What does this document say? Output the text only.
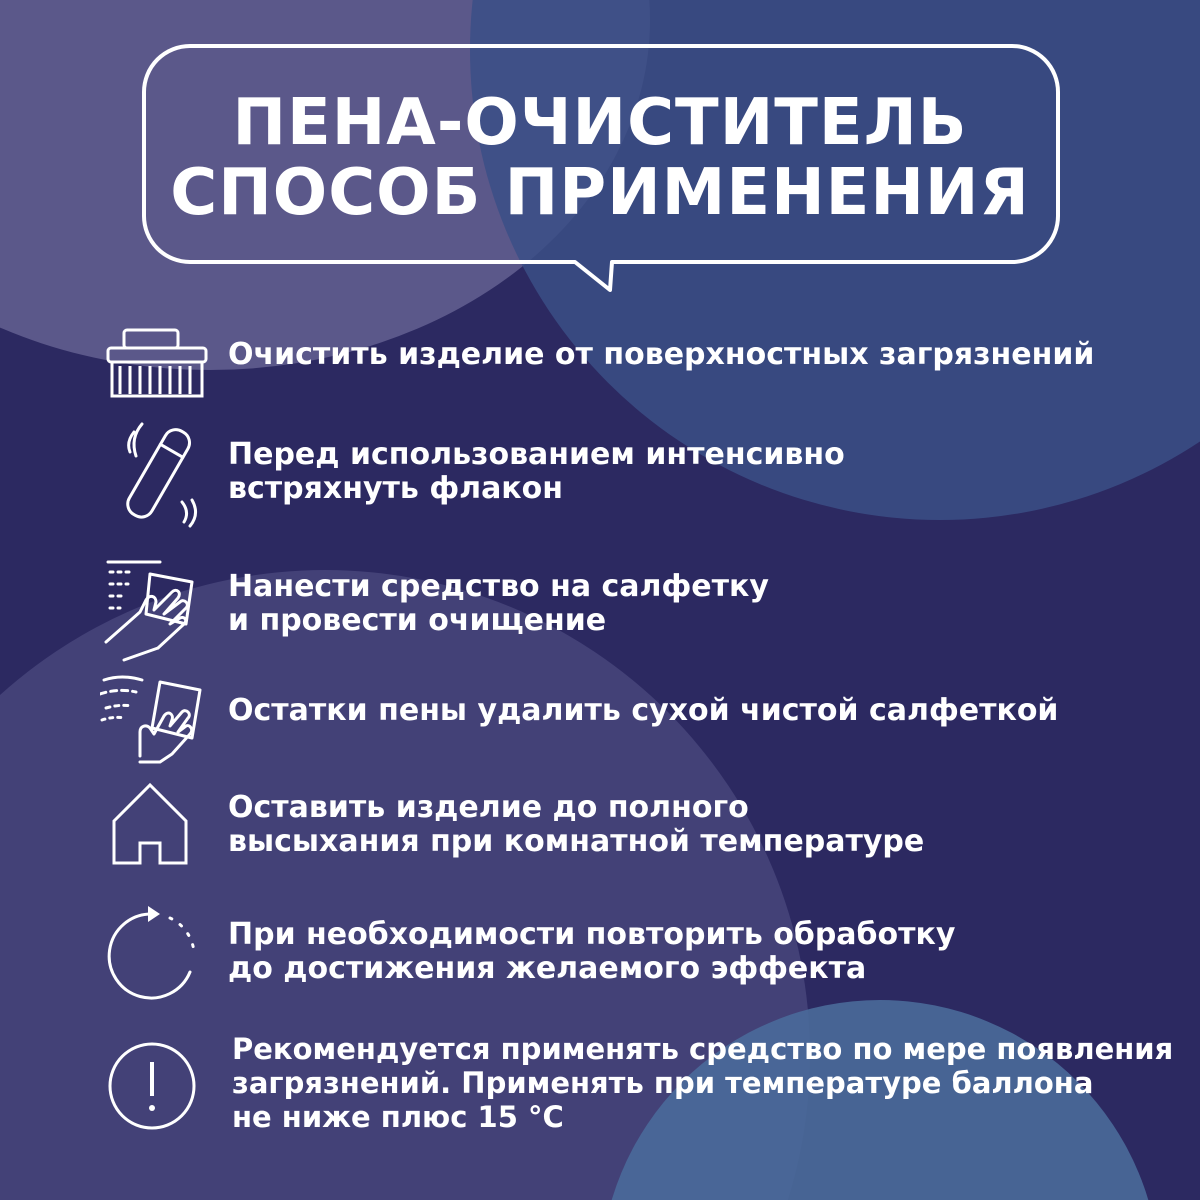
ПЕНА-ОЧИСТИТЕЛЬ
СПОСОБ ПРИМЕНЕНИЯ
Очистить изделие от поверхностных загрязнений
Перед использованием интенсивно
встряхнуть флакон
Нанести средство на салфетку
и провести очищение
Остатки пены удалить сухой чистой салфеткой
Оставить изделие до полного
высыхания при комнатной температуре
При необходимости повторить обработку
до достижения желаемого эффекта
Рекомендуется применять средство по мере появления
загрязнений. Применять при температуре баллона
не ниже плюс 15 °С
